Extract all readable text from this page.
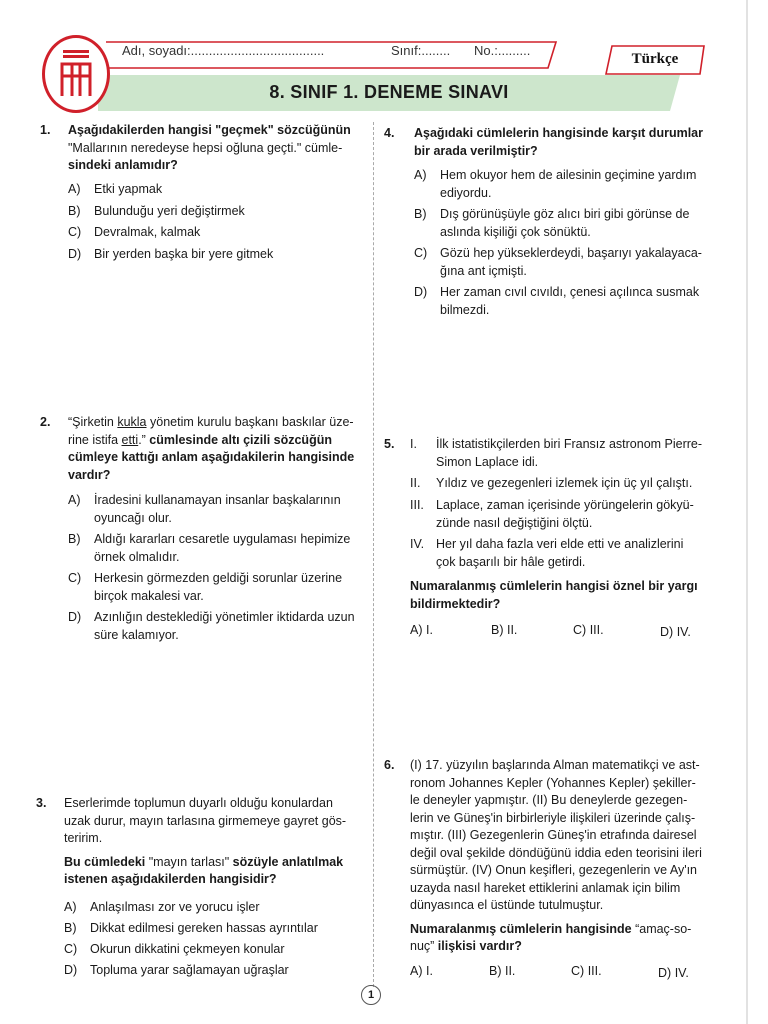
Adı, soyadı:.....................................	Sınıf:........ No.:.........
8. SINIF 1. DENEME SINAVI
Türkçe
1. Aşağıdakilerden hangisi "geçmek" sözcüğünün
"Mallarının neredeyse hepsi oğluna geçti." cümle-
sindeki anlamıdır?
A) Etki yapmak
B) Bulunduğu yeri değiştirmek
C) Devralmak, kalmak
D) Bir yerden başka bir yere gitmek
2. “Şirketin kukla yönetim kurulu başkanı baskılar üze-
rine istifa etti.” cümlesinde altı çizili sözcüğün
cümleye kattığı anlam aşağıdakilerin hangisinde
vardır?
A) İradesini kullanamayan insanlar başkalarının
oyuncağı olur.
B) Aldığı kararları cesaretle uygulaması hepimize
örnek olmalıdır.
C) Herkesin görmezden geldiği sorunlar üzerine
birçok makalesi var.
D) Azınlığın desteklediği yönetimler iktidarda uzun
süre kalamıyor.
3. Eserlerimde toplumun duyarlı olduğu konulardan
uzak durur, mayın tarlasına girmemeye gayret gös-
teririm.
Bu cümledeki "mayın tarlası" sözüyle anlatılmak
istenen aşağıdakilerden hangisidir?
A) Anlaşılması zor ve yorucu işler
B) Dikkat edilmesi gereken hassas ayrıntılar
C) Okurun dikkatini çekmeyen konular
D) Topluma yarar sağlamayan uğraşlar
4. Aşağıdaki cümlelerin hangisinde karşıt durumlar
bir arada verilmiştir?
A) Hem okuyor hem de ailesinin geçimine yardım
ediyordu.
B) Dış görünüşüyle göz alıcı biri gibi görünse de
aslında kişiliği çok sönüktü.
C) Gözü hep yükseklerdeydi, başarıyı yakalayaca-
ğına ant içmişti.
D) Her zaman cıvıl cıvıldı, çenesi açılınca susmak
bilmezdi.
5. I. İlk istatistikçilerden biri Fransız astronom Pierre-
Simon Laplace idi.
II. Yıldız ve gezegenleri izlemek için üç yıl çalıştı.
III. Laplace, zaman içerisinde yörüngelerin gökyü-
zünde nasıl değiştiğini ölçtü.
IV. Her yıl daha fazla veri elde etti ve analizlerini
çok başarılı bir hâle getirdi.
Numaralanmış cümlelerin hangisi öznel bir yargı
bildirmektedir?
A) I.	B) II.	C) III.	D) IV.
6. (I) 17. yüzyılın başlarında Alman matematikçi ve ast-
ronom Johannes Kepler (Yohannes Kepler) şekiller-
le deneyler yapmıştır. (II) Bu deneylerde gezegen-
lerin ve Güneş'in birbirleriyle ilişkileri üzerinde çalış-
mıştır. (III) Gezegenlerin Güneş'in etrafında dairesel
değil oval şekilde döndüğünü iddia eden teorisini ileri
sürmüştür. (IV) Onun keşifleri, gezegenlerin ve Ay'ın
uzayda nasıl hareket ettiklerini anlamak için bilim
dünyasınca el üstünde tutulmuştur.
Numaralanmış cümlelerin hangisinde “amaç-so-
nuç” ilişkisi vardır?
A) I.	B) II.	C) III.	D) IV.
1
